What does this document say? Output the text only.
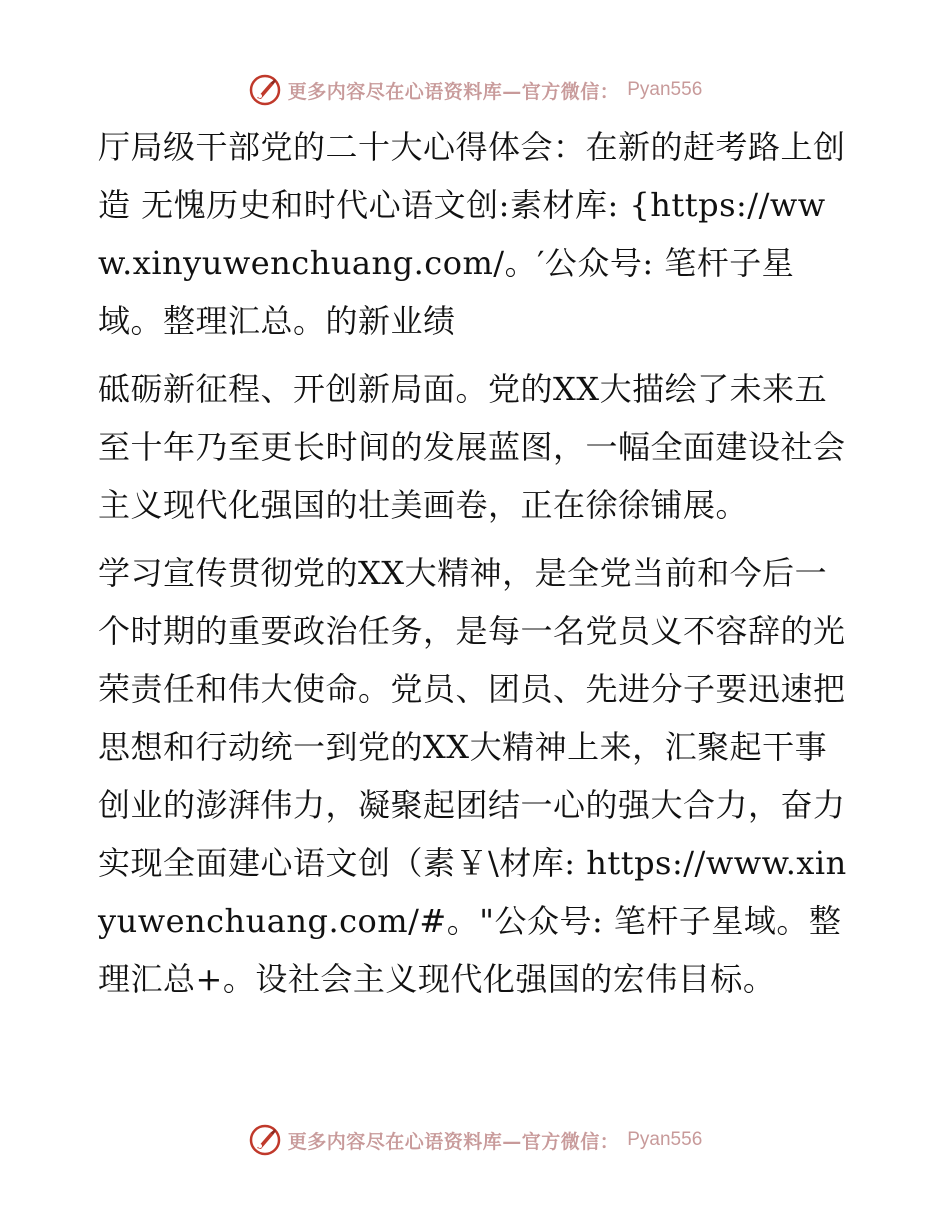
更多内容尽在心语资料库—官方微信： Pyan556

厅局级干部党的二十大心得体会：在新的赶考路上创造 无愧历史和时代心语文创:素材库: {https://www.xinyuwenchuang.com/。′公众号: 笔杆子星域。整理汇总。的新业绩

砥砺新征程、开创新局面。党的XX大描绘了未来五至十年乃至更长时间的发展蓝图，一幅全面建设社会主义现代化强国的壮美画卷，正在徐徐铺展。

学习宣传贯彻党的XX大精神，是全党当前和今后一个时期的重要政治任务，是每一名党员义不容辞的光荣责任和伟大使命。党员、团员、先进分子要迅速把思想和行动统一到党的XX大精神上来，汇聚起干事创业的澎湃伟力，凝聚起团结一心的强大合力，奋力实现全面建心语文创（素￥\材库: https://www.xinyuwenchuang.com/#。"公众号: 笔杆子星域。整理汇总+。设社会主义现代化强国的宏伟目标。

更多内容尽在心语资料库—官方微信： Pyan556
